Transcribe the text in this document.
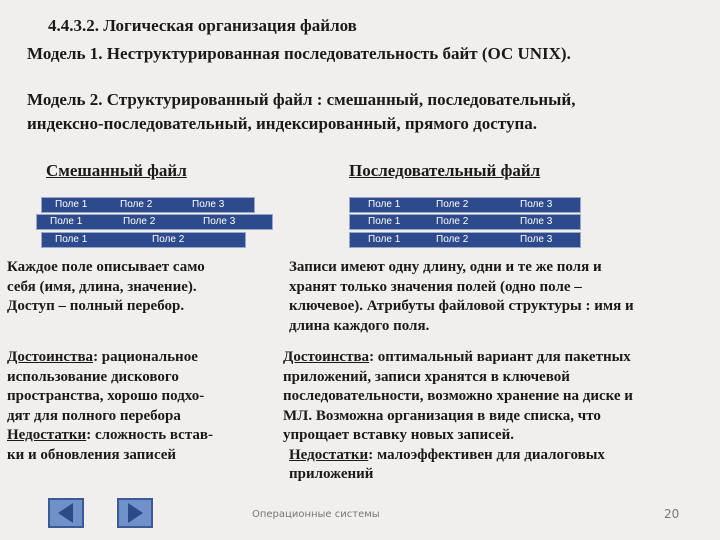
4.4.3.2. Логическая организация файлов
Модель 1. Неструктурированная последовательность байт (ОС UNIX).
Модель 2. Структурированный файл : смешанный, последовательный,
индексно-последовательный, индексированный, прямого доступа.
Смешанный файл	Последовательный файл
Поле 1	Поле 2	Поле 3
Поле 1	Поле 2	Поле 3
Поле 1	Поле 2
Поле 1	Поле 2	Поле 3
Поле 1	Поле 2	Поле 3
Поле 1	Поле 2	Поле 3
Каждое поле описывает само
себя (имя, длина, значение).
Доступ – полный перебор.
Достоинства: рациональное
использование дискового
пространства, хорошо подхо-
дят для полного перебора
Недостатки: сложность встав-
ки и обновления записей
Записи имеют одну длину, одни и те же поля и
хранят только значения полей (одно поле –
ключевое). Атрибуты файловой структуры : имя и
длина каждого поля.
Достоинства: оптимальный вариант для пакетных
приложений, записи хранятся в ключевой
последовательности, возможно хранение на диске и
МЛ. Возможна организация в виде списка, что
упрощает вставку новых записей.
Недостатки: малоэффективен для диалоговых
приложений
Операционные системы	20
